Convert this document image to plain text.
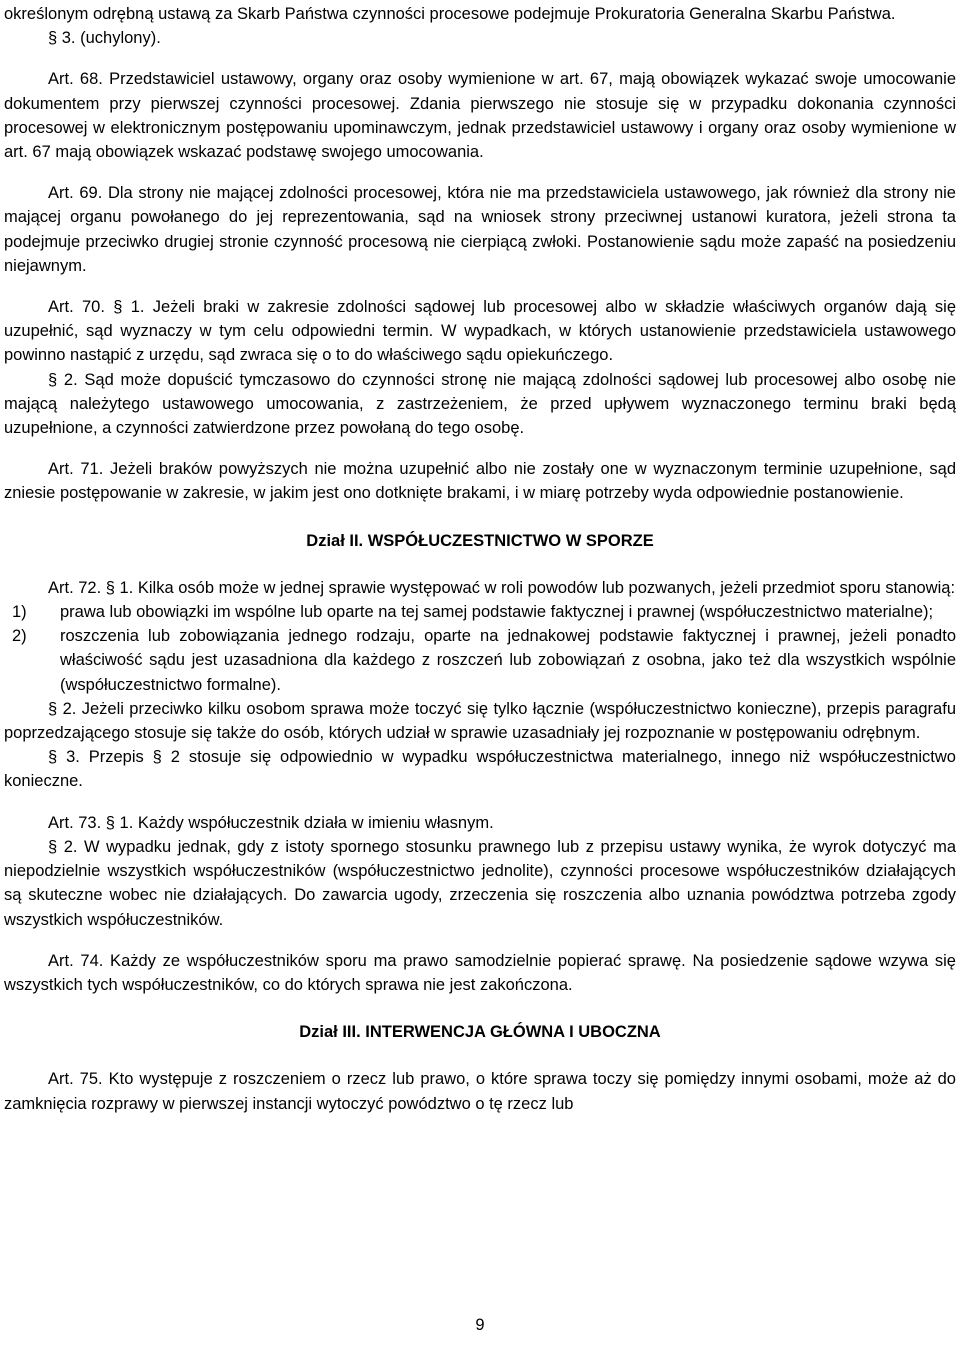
określonym odrębną ustawą za Skarb Państwa czynności procesowe podejmuje Prokuratoria Generalna Skarbu Państwa.

§ 3. (uchylony).

Art. 68. Przedstawiciel ustawowy, organy oraz osoby wymienione w art. 67, mają obowiązek wykazać swoje umocowanie dokumentem przy pierwszej czynności procesowej. Zdania pierwszego nie stosuje się w przypadku dokonania czynności procesowej w elektronicznym postępowaniu upominawczym, jednak przedstawiciel ustawowy i organy oraz osoby wymienione w art. 67 mają obowiązek wskazać podstawę swojego umocowania.

Art. 69. Dla strony nie mającej zdolności procesowej, która nie ma przedstawiciela ustawowego, jak również dla strony nie mającej organu powołanego do jej reprezentowania, sąd na wniosek strony przeciwnej ustanowi kuratora, jeżeli strona ta podejmuje przeciwko drugiej stronie czynność procesową nie cierpiącą zwłoki. Postanowienie sądu może zapaść na posiedzeniu niejawnym.

Art. 70. § 1. Jeżeli braki w zakresie zdolności sądowej lub procesowej albo w składzie właściwych organów dają się uzupełnić, sąd wyznaczy w tym celu odpowiedni termin. W wypadkach, w których ustanowienie przedstawiciela ustawowego powinno nastąpić z urzędu, sąd zwraca się o to do właściwego sądu opiekuńczego.

§ 2. Sąd może dopuścić tymczasowo do czynności stronę nie mającą zdolności sądowej lub procesowej albo osobę nie mającą należytego ustawowego umocowania, z zastrzeżeniem, że przed upływem wyznaczonego terminu braki będą uzupełnione, a czynności zatwierdzone przez powołaną do tego osobę.

Art. 71. Jeżeli braków powyższych nie można uzupełnić albo nie zostały one w wyznaczonym terminie uzupełnione, sąd zniesie postępowanie w zakresie, w jakim jest ono dotknięte brakami, i w miarę potrzeby wyda odpowiednie postanowienie.

Dział II. WSPÓŁUCZESTNICTWO W SPORZE

Art. 72. § 1. Kilka osób może w jednej sprawie występować w roli powodów lub pozwanych, jeżeli przedmiot sporu stanowią:

1)	prawa lub obowiązki im wspólne lub oparte na tej samej podstawie faktycznej i prawnej (współuczestnictwo materialne);

2)	roszczenia lub zobowiązania jednego rodzaju, oparte na jednakowej podstawie faktycznej i prawnej, jeżeli ponadto właściwość sądu jest uzasadniona dla każdego z roszczeń lub zobowiązań z osobna, jako też dla wszystkich wspólnie (współuczestnictwo formalne).

§ 2. Jeżeli przeciwko kilku osobom sprawa może toczyć się tylko łącznie (współuczestnictwo konieczne), przepis paragrafu poprzedzającego stosuje się także do osób, których udział w sprawie uzasadniały jej rozpoznanie w postępowaniu odrębnym.

§ 3. Przepis § 2 stosuje się odpowiednio w wypadku współuczestnictwa materialnego, innego niż współuczestnictwo konieczne.

Art. 73. § 1. Każdy współuczestnik działa w imieniu własnym.

§ 2. W wypadku jednak, gdy z istoty spornego stosunku prawnego lub z przepisu ustawy wynika, że wyrok dotyczyć ma niepodzielnie wszystkich współuczestników (współuczestnictwo jednolite), czynności procesowe współuczestników działających są skuteczne wobec nie działających. Do zawarcia ugody, zrzeczenia się roszczenia albo uznania powództwa potrzeba zgody wszystkich współuczestników.

Art. 74. Każdy ze współuczestników sporu ma prawo samodzielnie popierać sprawę. Na posiedzenie sądowe wzywa się wszystkich tych współuczestników, co do których sprawa nie jest zakończona.

Dział III. INTERWENCJA GŁÓWNA I UBOCZNA

Art. 75. Kto występuje z roszczeniem o rzecz lub prawo, o które sprawa toczy się pomiędzy innymi osobami, może aż do zamknięcia rozprawy w pierwszej instancji wytoczyć powództwo o tę rzecz lub

9
